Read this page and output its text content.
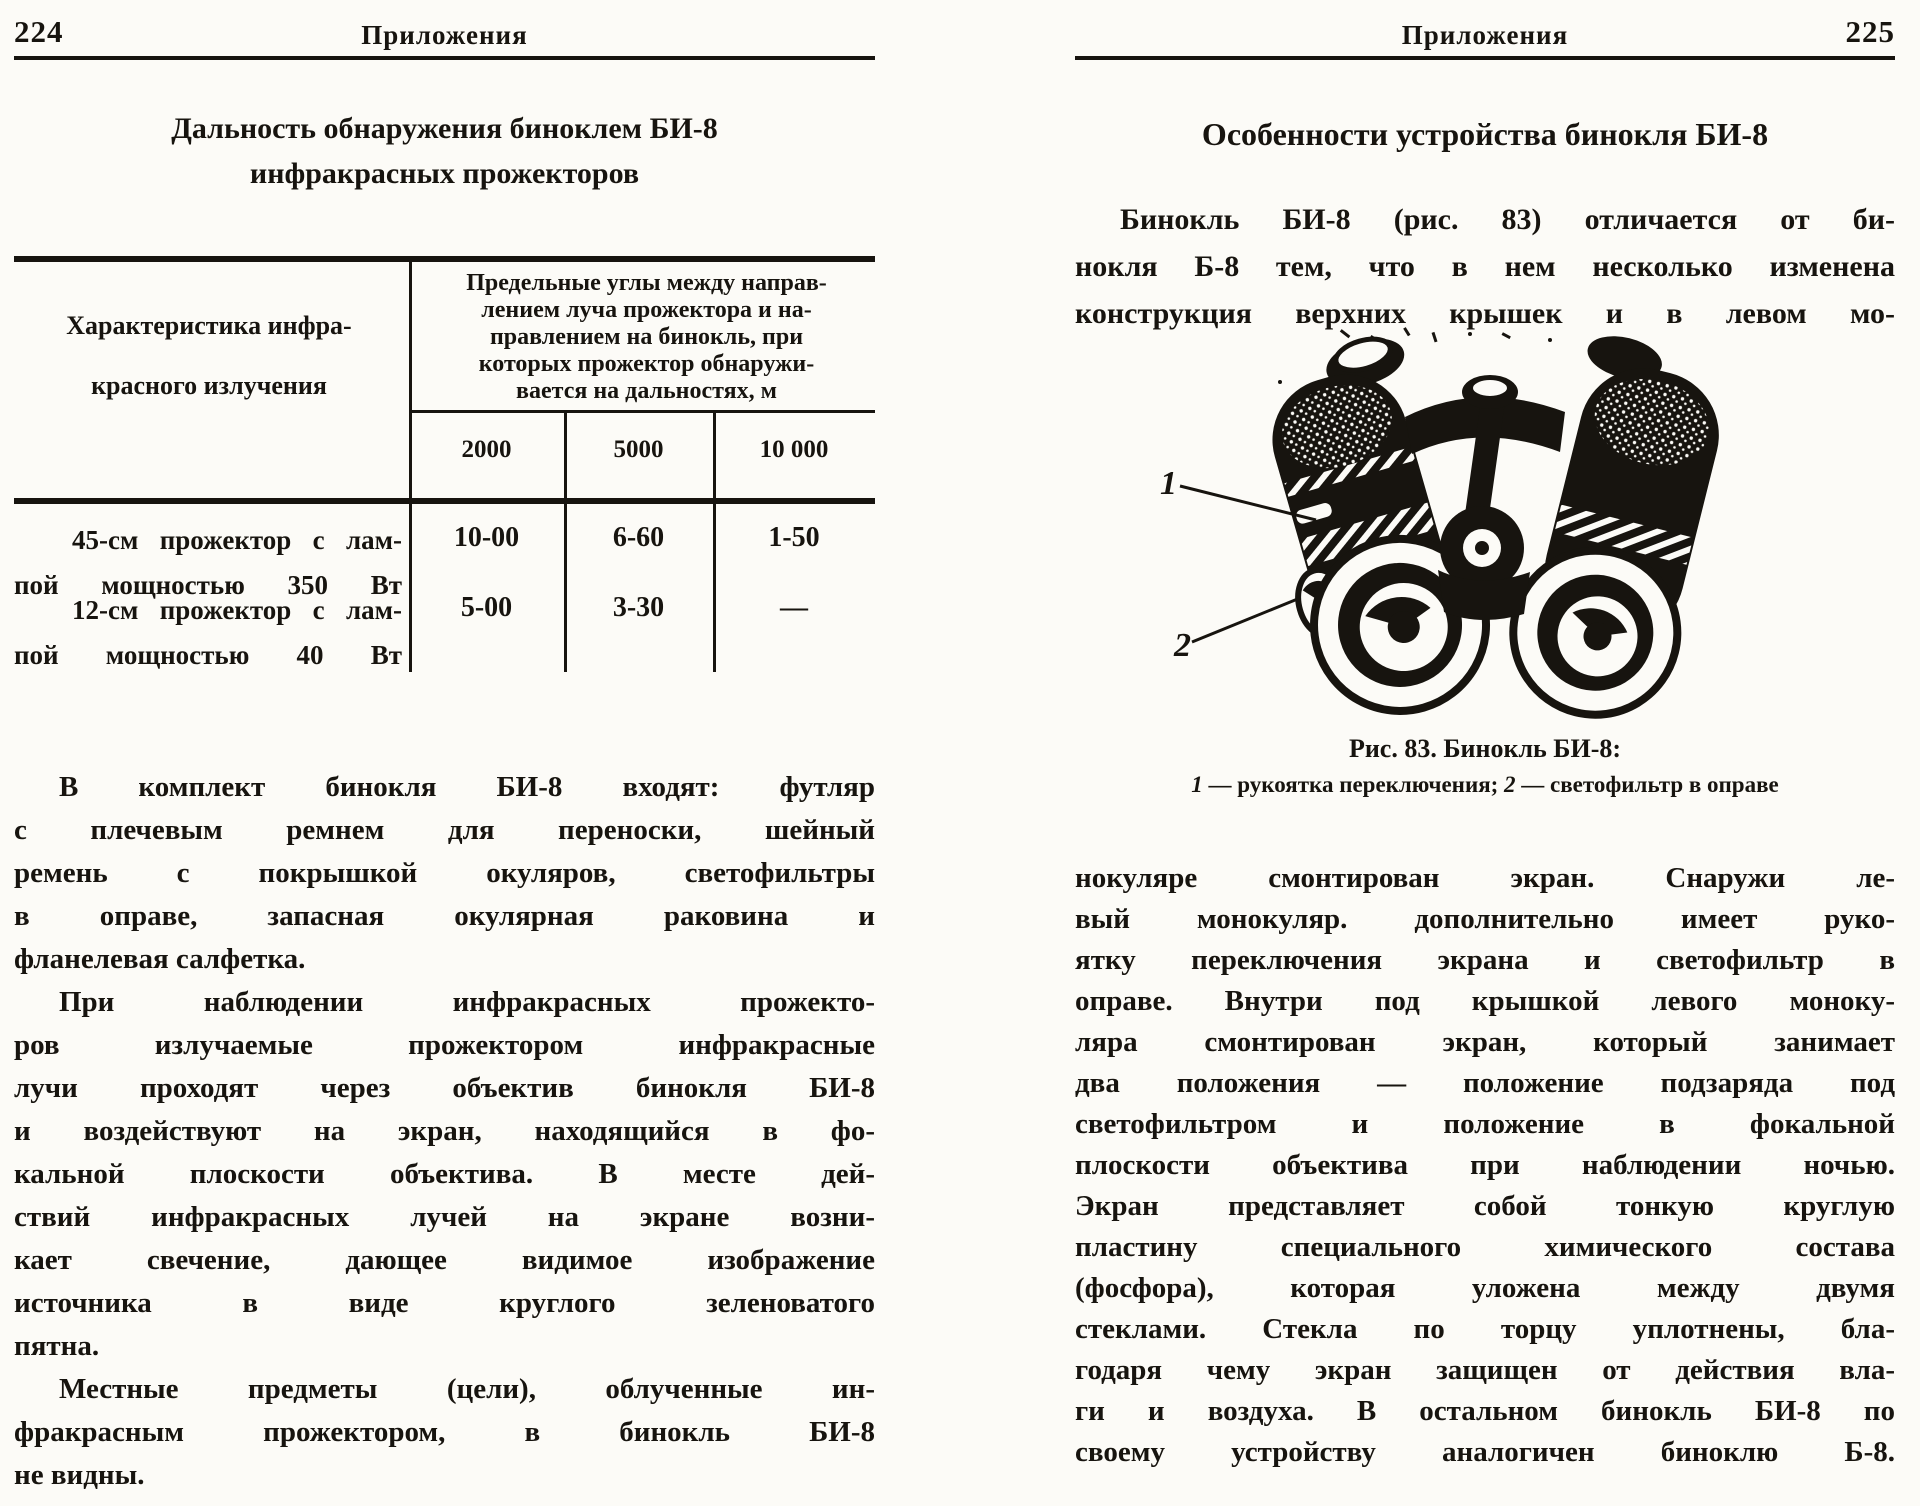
224	Приложения
Дальность обнаружения биноклем БИ-8
инфракрасных прожекторов
Характеристика инфра-
красного излучения
Предельные углы между направ-
лением луча прожектора и на-
правлением на бинокль, при
которых прожектор обнаружи-
вается на дальностях, м
2000	5000	10 000
45-см прожектор с лам-
пой мощностью 350 Вт
10-00	6-60	1-50
12-см прожектор с лам-
пой мощностью 40 Вт
5-00	3-30	—
В комплект бинокля БИ-8 входят: футляр
с плечевым ремнем для переноски, шейный
ремень с покрышкой окуляров, светофильтры
в оправе, запасная окулярная раковина и
фланелевая салфетка.
При наблюдении инфракрасных прожекто-
ров излучаемые прожектором инфракрасные
лучи проходят через объектив бинокля БИ-8
и воздействуют на экран, находящийся в фо-
кальной плоскости объектива. В месте дей-
ствий инфракрасных лучей на экране возни-
кает свечение, дающее видимое изображение
источника в виде круглого зеленоватого
пятна.
Местные предметы (цели), облученные ин-
фракрасным прожектором, в бинокль БИ-8
не видны.
225
Приложения
Особенности устройства бинокля БИ-8
Бинокль БИ-8 (рис. 83) отличается от би-
нокля Б-8 тем, что в нем несколько изменена
конструкция верхних крышек и в левом мо-
1
2
Рис. 83. Бинокль БИ-8:
1 — рукоятка переключения; 2 — светофильтр в оправе
нокуляре смонтирован экран. Снаружи ле-
вый монокуляр. дополнительно имеет руко-
ятку переключения экрана и светофильтр в
оправе. Внутри под крышкой левого моноку-
ляра смонтирован экран, который занимает
два положения — положение подзаряда под
светофильтром и положение в фокальной
плоскости объектива при наблюдении ночью.
Экран представляет собой тонкую круглую
пластину специального химического состава
(фосфора), которая уложена между двумя
стеклами. Стекла по торцу уплотнены, бла-
годаря чему экран защищен от действия вла-
ги и воздуха. В остальном бинокль БИ-8 по
своему устройству аналогичен биноклю Б-8.
